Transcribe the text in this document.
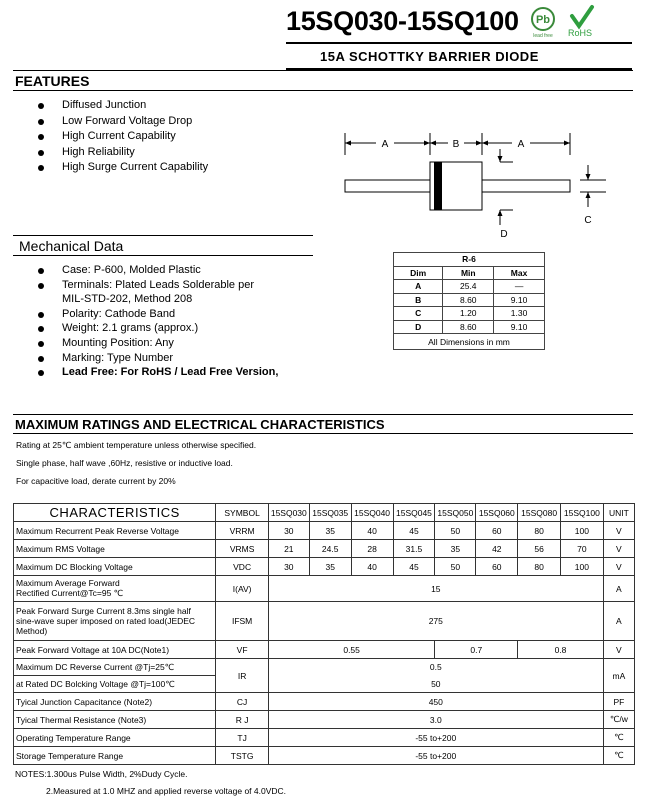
15SQ030-15SQ100 Pb
lead free RoHS
15A SCHOTTKY BARRIER DIODE
FEATURES
Diffused Junction
Low Forward Voltage Drop
High Current Capability
High Reliability
High Surge Current Capability
A	B	A
D
C
Mechanical Data
Case: P-600, Molded Plastic
Terminals: Plated Leads Solderable per
MIL-STD-202, Method 208
Polarity: Cathode Band
Weight: 2.1 grams (approx.)
Mounting Position: Any
Marking: Type Number
Lead Free: For RoHS / Lead Free Version,
R-6		
Dim	Min	Max
A	25.4	—
B	8.60	9.10
C	1.20	1.30
D	8.60	9.10
All Dimensions in mm		
MAXIMUM RATINGS AND ELECTRICAL CHARACTERISTICS
Rating at 25℃ ambient temperature unless otherwise specified.
Single phase, half wave ,60Hz, resistive or inductive load.
For capacitive load, derate current by 20%
CHARACTERISTICS	SYMBOL	15SQ030	15SQ035	15SQ040	15SQ045	15SQ050	15SQ060	15SQ080	15SQ100	UNIT
Maximum Recurrent Peak Reverse Voltage	VRRM	30	35	40	45	50	60	80	100	V
Maximum RMS Voltage	VRMS	21	24.5	28	31.5	35	42	56	70	V
Maximum DC Blocking Voltage	VDC	30	35	40	45	50	60	80	100	V

Maximum Average Forward
Rectified Current@Tc=95 ℃	I(AV)	15								A

Peak Forward Surge Current 8.3ms single half
sine-wave super imposed on rated load(JEDEC
Method)	IFSM	275								A
Peak Forward Voltage at 10A DC(Note1)	VF	0.55				0.7		0.8		V
Maximum DC Reverse Current @Tj=25℃	IR	0.5								mA
at Rated DC Bolcking Voltage @Tj=100℃		50								
Tyical Junction Capacitance (Note2)	CJ	450								PF
Tyical Thermal Resistance (Note3)	R J	3.0								℃/w
Operating Temperature Range	TJ	-55 to+200								℃
Storage Temperature Range	TSTG	-55 to+200								℃
NOTES:1.300us Pulse Width, 2%Dudy Cycle.
2.Measured at 1.0 MHZ and applied reverse voltage of 4.0VDC.
